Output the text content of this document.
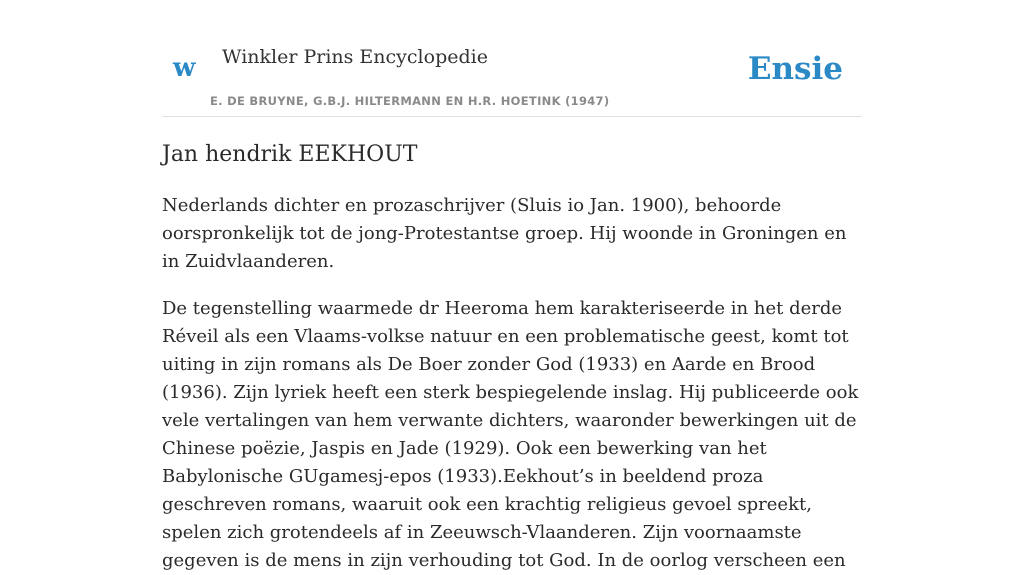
w Winkler Prins Encyclopedie
E. DE BRUYNE, G.B.J. HILTERMANN EN H.R. HOETINK (1947)
Ensie
Jan hendrik EEKHOUT

Nederlands dichter en prozaschrijver (Sluis io Jan. 1900), behoorde oorspronkelijk tot de jong-Protestantse groep. Hij woonde in Groningen en in Zuidvlaanderen.

De tegenstelling waarmede dr Heeroma hem karakteriseerde in het derde Réveil als een Vlaams-volkse natuur en een problematische geest, komt tot uiting in zijn romans als De Boer zonder God (1933) en Aarde en Brood (1936). Zijn lyriek heeft een sterk bespiegelende inslag. Hij publiceerde ook vele vertalingen van hem verwante dichters, waaronder bewerkingen uit de Chinese poëzie, Jaspis en Jade (1929). Ook een bewerking van het Babylonische GUgamesj-epos (1933).Eekhout’s in beeldend proza geschreven romans, waaruit ook een krachtig religieus gevoel spreekt, spelen zich grotendeels af in Zeeuwsch-Vlaanderen. Zijn voornaamste gegeven is de mens in zijn verhouding tot God. In de oorlog verscheen een
